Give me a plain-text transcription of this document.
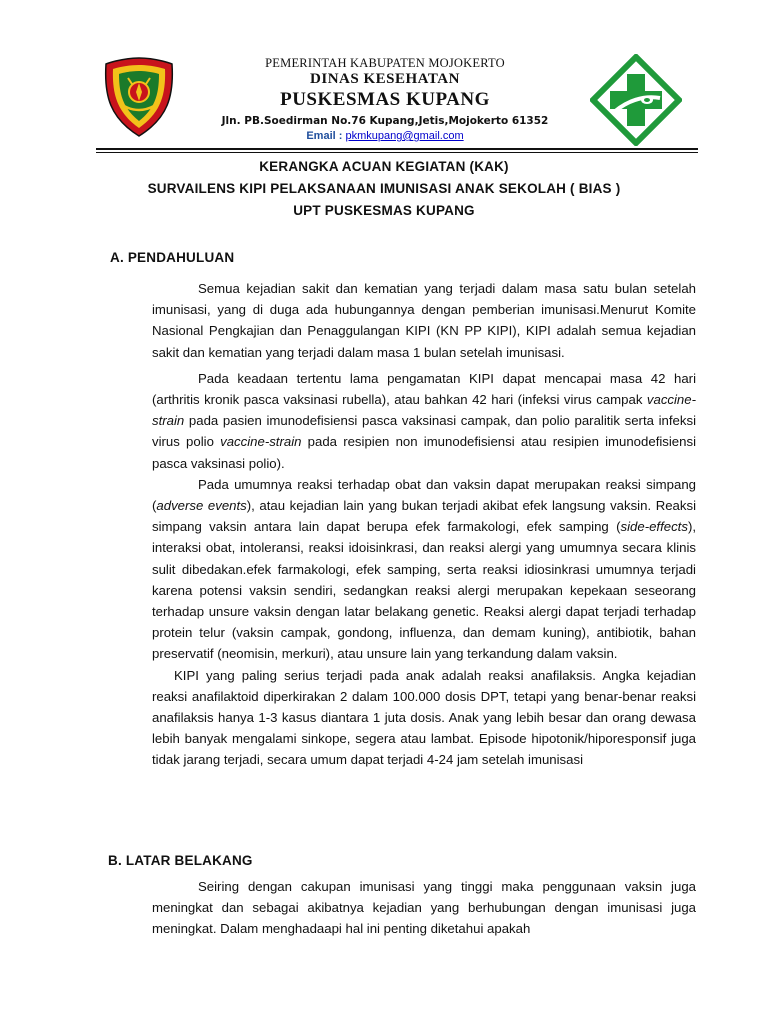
PEMERINTAH KABUPATEN MOJOKERTO
DINAS KESEHATAN
PUSKESMAS KUPANG
Jln. PB.Soedirman No.76 Kupang,Jetis,Mojokerto 61352
Email : pkmkupang@gmail.com
KERANGKA ACUAN KEGIATAN (KAK)
SURVAILENS KIPI PELAKSANAAN IMUNISASI ANAK SEKOLAH ( BIAS )
UPT PUSKESMAS KUPANG
A. PENDAHULUAN

Semua kejadian sakit dan kematian yang terjadi dalam masa satu bulan setelah imunisasi, yang di duga ada hubungannya dengan pemberian imunisasi.Menurut Komite Nasional Pengkajian dan Penaggulangan KIPI (KN PP KIPI), KIPI adalah semua kejadian sakit dan kematian yang terjadi dalam masa 1 bulan setelah imunisasi.

Pada keadaan tertentu lama pengamatan KIPI dapat mencapai masa 42 hari (arthritis kronik pasca vaksinasi rubella), atau bahkan 42 hari (infeksi virus campak vaccine-strain pada pasien imunodefisiensi pasca vaksinasi campak, dan polio paralitik serta infeksi virus polio vaccine-strain pada resipien non imunodefisiensi atau resipien imunodefisiensi pasca vaksinasi polio).

Pada umumnya reaksi terhadap obat dan vaksin dapat merupakan reaksi simpang (adverse events), atau kejadian lain yang bukan terjadi akibat efek langsung vaksin. Reaksi simpang vaksin antara lain dapat berupa efek farmakologi, efek samping (side-effects), interaksi obat, intoleransi, reaksi idoisinkrasi, dan reaksi alergi yang umumnya secara klinis sulit dibedakan.efek farmakologi, efek samping, serta reaksi idiosinkrasi umumnya terjadi karena potensi vaksin sendiri, sedangkan reaksi alergi merupakan kepekaan seseorang terhadap unsure vaksin dengan latar belakang genetic. Reaksi alergi dapat terjadi terhadap protein telur (vaksin campak, gondong, influenza, dan demam kuning), antibiotik, bahan preservatif (neomisin, merkuri), atau unsure lain yang terkandung dalam vaksin.

KIPI yang paling serius terjadi pada anak adalah reaksi anafilaksis. Angka kejadian reaksi anafilaktoid diperkirakan 2 dalam 100.000 dosis DPT, tetapi yang benar-benar reaksi anafilaksis hanya 1-3 kasus diantara 1 juta dosis. Anak yang lebih besar dan orang dewasa lebih banyak mengalami sinkope, segera atau lambat. Episode hipotonik/hiporesponsif juga tidak jarang terjadi, secara umum dapat terjadi 4-24 jam setelah imunisasi

B. LATAR BELAKANG

Seiring dengan cakupan imunisasi yang tinggi maka penggunaan vaksin juga meningkat dan sebagai akibatnya kejadian yang berhubungan dengan imunisasi juga meningkat. Dalam menghadaapi hal ini penting diketahui apakah
